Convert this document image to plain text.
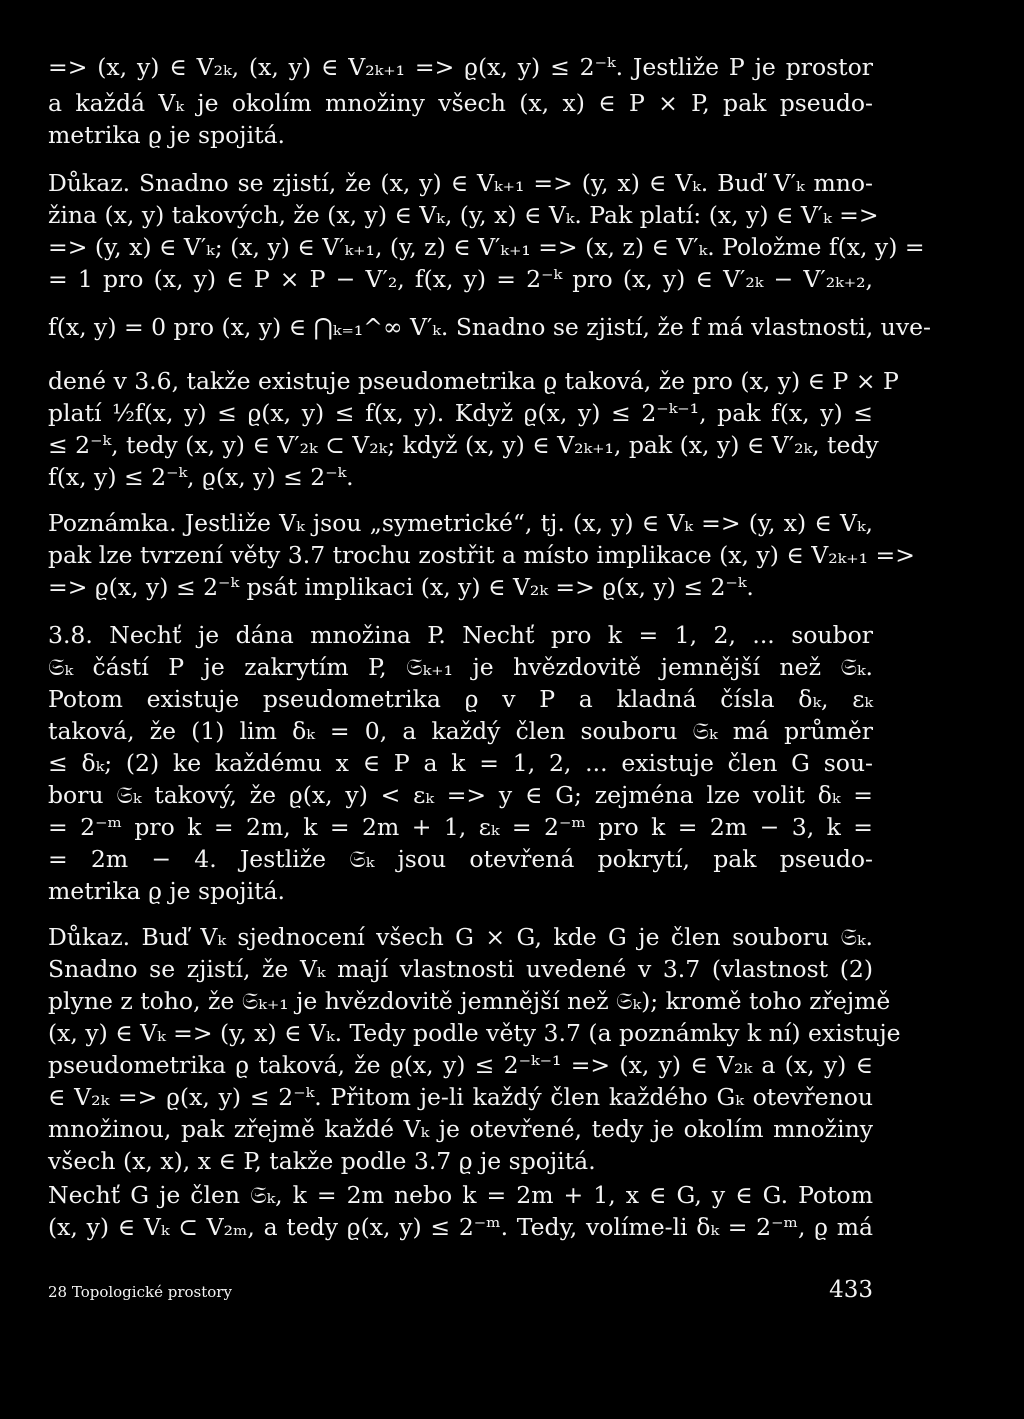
=> (x, y) ∈ V₂ₖ, (x, y) ∈ V₂ₖ₊₁ => ϱ(x, y) ≤ 2⁻ᵏ. Jestliže P je prostor
a každá Vₖ je okolím množiny všech (x, x) ∈ P × P, pak pseudo-
metrika ϱ je spojitá.
Důkaz. Snadno se zjistí, že (x, y) ∈ Vₖ₊₁ => (y, x) ∈ Vₖ. Buď V′ₖ mno-
žina (x, y) takových, že (x, y) ∈ Vₖ, (y, x) ∈ Vₖ. Pak platí: (x, y) ∈ V′ₖ =>
=> (y, x) ∈ V′ₖ; (x, y) ∈ V′ₖ₊₁, (y, z) ∈ V′ₖ₊₁ => (x, z) ∈ V′ₖ. Položme f(x, y) =
= 1 pro (x, y) ∈ P × P − V′₂, f(x, y) = 2⁻ᵏ pro (x, y) ∈ V′₂ₖ − V′₂ₖ₊₂,
f(x, y) = 0 pro (x, y) ∈ ⋂ₖ₌₁^∞ V′ₖ. Snadno se zjistí, že f má vlastnosti, uve-
dené v 3.6, takže existuje pseudometrika ϱ taková, že pro (x, y) ∈ P × P
platí ½f(x, y) ≤ ϱ(x, y) ≤ f(x, y). Když ϱ(x, y) ≤ 2⁻ᵏ⁻¹, pak f(x, y) ≤
≤ 2⁻ᵏ, tedy (x, y) ∈ V′₂ₖ ⊂ V₂ₖ; když (x, y) ∈ V₂ₖ₊₁, pak (x, y) ∈ V′₂ₖ, tedy
f(x, y) ≤ 2⁻ᵏ, ϱ(x, y) ≤ 2⁻ᵏ.
Poznámka. Jestliže Vₖ jsou „symetrické“, tj. (x, y) ∈ Vₖ => (y, x) ∈ Vₖ,
pak lze tvrzení věty 3.7 trochu zostřit a místo implikace (x, y) ∈ V₂ₖ₊₁ =>
=> ϱ(x, y) ≤ 2⁻ᵏ psát implikaci (x, y) ∈ V₂ₖ => ϱ(x, y) ≤ 2⁻ᵏ.
3.8. Nechť je dána množina P. Nechť pro k = 1, 2, ... soubor
𝔖ₖ částí P je zakrytím P, 𝔖ₖ₊₁ je hvězdovitě jemnější než 𝔖ₖ.
Potom existuje pseudometrika ϱ v P a kladná čísla δₖ, εₖ
taková, že (1) lim δₖ = 0, a každý člen souboru 𝔖ₖ má průměr
≤ δₖ; (2) ke každému x ∈ P a k = 1, 2, ... existuje člen G sou-
boru 𝔖ₖ takový, že ϱ(x, y) < εₖ => y ∈ G; zejména lze volit δₖ =
= 2⁻ᵐ pro k = 2m, k = 2m + 1, εₖ = 2⁻ᵐ pro k = 2m − 3, k =
= 2m − 4. Jestliže 𝔖ₖ jsou otevřená pokrytí, pak pseudo-
metrika ϱ je spojitá.
Důkaz. Buď Vₖ sjednocení všech G × G, kde G je člen souboru 𝔖ₖ.
Snadno se zjistí, že Vₖ mají vlastnosti uvedené v 3.7 (vlastnost (2)
plyne z toho, že 𝔖ₖ₊₁ je hvězdovitě jemnější než 𝔖ₖ); kromě toho zřejmě
(x, y) ∈ Vₖ => (y, x) ∈ Vₖ. Tedy podle věty 3.7 (a poznámky k ní) existuje
pseudometrika ϱ taková, že ϱ(x, y) ≤ 2⁻ᵏ⁻¹ => (x, y) ∈ V₂ₖ a (x, y) ∈
∈ V₂ₖ => ϱ(x, y) ≤ 2⁻ᵏ. Přitom je-li každý člen každého Gₖ otevřenou
množinou, pak zřejmě každé Vₖ je otevřené, tedy je okolím množiny
všech (x, x), x ∈ P, takže podle 3.7 ϱ je spojitá.
Nechť G je člen 𝔖ₖ, k = 2m nebo k = 2m + 1, x ∈ G, y ∈ G. Potom
(x, y) ∈ Vₖ ⊂ V₂ₘ, a tedy ϱ(x, y) ≤ 2⁻ᵐ. Tedy, volíme-li δₖ = 2⁻ᵐ, ϱ má
28 Topologické prostory	433
